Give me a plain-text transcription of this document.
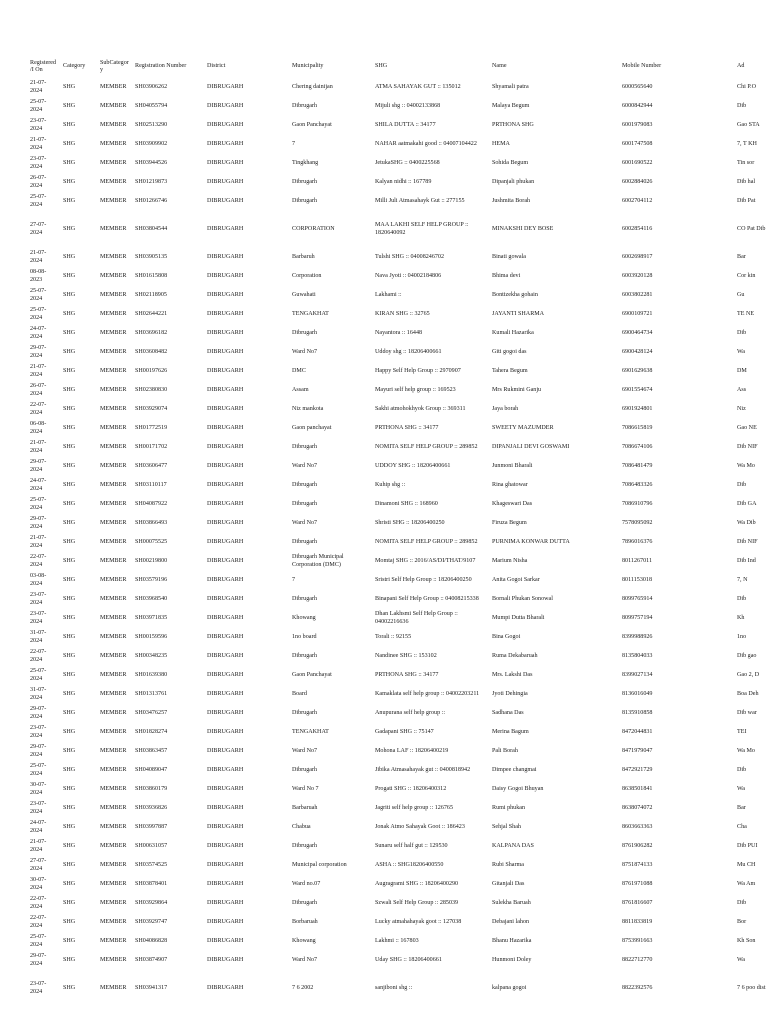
Registered/I On	Category	SubCategory	Registration Number	District	Municipality	SHG	Name	Mobile Number	Ad
21-07-2024	SHG	MEMBER	SH03906262	DIBRUGARH	Chering dainijan	ATMA SAHAYAK GUT :: 135012	Shyamali patra	6000565640	Chi P.O
25-07-2024	SHG	MEMBER	SH04055794	DIBRUGARH	Dibrugarh	Mijuli shg :: 04002133868	Malaya Begum	6000842944	Dib
23-07-2024	SHG	MEMBER	SH02513290	DIBRUGARH	Gaon Panchayat	SHILA DUTTA :: 34177	PRTHONA SHG	6001979083	Gao STA
21-07-2024	SHG	MEMBER	SH03909902	DIBRUGARH	7	NAHAR aatmakahi good :: 04007104422	HEMA	6001747508	7, T KH
23-07-2024	SHG	MEMBER	SH03944526	DIBRUGARH	Tingkhang	JetukaSHG :: 0400225568	Sohida Begum	6001690522	Tin sor
26-07-2024	SHG	MEMBER	SH01219873	DIBRUGARH	Dibrugarh	Kalyan nidhi :: 167789	Dipanjali phukan	6002884026	Dib hal
25-07-2024	SHG	MEMBER	SH01266746	DIBRUGARH	Dibrugarh	Milli Juli Atmasahayk Gut :: 277155	Jushmita Borah	6002704112	Dib Pat
27-07-2024	SHG	MEMBER	SH03804544	DIBRUGARH	CORPORATION	MAA LAKHI SELF HELP GROUP :: 1820640092	MINAKSHI DEY BOSE	6002854116	CO Pat Dib
21-07-2024	SHG	MEMBER	SH03905135	DIBRUGARH	Barbaruh	Tulshi SHG :: 04008246702	Binati gowala	6002698917	Bar
08-08-2023	SHG	MEMBER	SH01615808	DIBRUGARH	Corporation	Nava Jyoti :: 04002184806	Bhima devi	6003920128	Cor kin
25-07-2024	SHG	MEMBER	SH02118905	DIBRUGARH	Guwahati	Lakhami ::	Bontizekha gohain	6003802281	Gu
25-07-2024	SHG	MEMBER	SH02644221	DIBRUGARH	TENGAKHAT	KIRAN SHG :: 32765	JAYANTI SHARMA	6900109721	TE NE
24-07-2024	SHG	MEMBER	SH03696182	DIBRUGARH	Dibrugarh	Nayantora :: 16448	Kumali Hazarika	6900464734	Dib
29-07-2024	SHG	MEMBER	SH03608482	DIBRUGARH	Ward No7	Uddoy shg :: 18206400661	Giti gogoi das	6900428124	Wa
21-07-2024	SHG	MEMBER	SH00197626	DIBRUGARH	DMC	Happy Self Help Group :: 2970907	Tahera Begum	6901629638	DM
26-07-2024	SHG	MEMBER	SH02380830	DIBRUGARH	Assam	Mayuri self help group :: 169523	Mrs Rukmini Ganju	6901554674	Ass
22-07-2024	SHG	MEMBER	SH03929074	DIBRUGARH	Niz mankota	Sakhi atmohokhyok Group :: 369311	Jaya borah	6901924801	Niz
06-08-2024	SHG	MEMBER	SH01772519	DIBRUGARH	Gaon panchayat	PRTHONA SHG :: 34177	SWEETY MAZUMDER	7086615819	Gao NE
21-07-2024	SHG	MEMBER	SH00171702	DIBRUGARH	Dibrugarh	NOMITA SELF HELP GROUP :: 289852	DIPANJALI DEVI GOSWAMI	7086674106	Dib NIF
29-07-2024	SHG	MEMBER	SH03606477	DIBRUGARH	Ward No7	UDDOY SHG :: 18206400661	Junmoni Bharali	7086481479	Wa Mo
24-07-2024	SHG	MEMBER	SH03110117	DIBRUGARH	Dibrugarh	Kuhip shg ::	Rina ghatowar	7086483326	Dib
25-07-2024	SHG	MEMBER	SH04087922	DIBRUGARH	Dibrugarh	Dinamoni SHG :: 168960	Khageswari Das	7086910796	Dib GA
29-07-2024	SHG	MEMBER	SH03866493	DIBRUGARH	Ward No7	Shristi SHG :: 18206400250	Firuza Begum	7578095092	Wa Dib
21-07-2024	SHG	MEMBER	SH00075525	DIBRUGARH	Dibrugarh	NOMITA SELF HELP GROUP :: 289852	PURNIMA KONWAR DUTTA	7896016376	Dib NIF
22-07-2024	SHG	MEMBER	SH00219800	DIBRUGARH	Dibrugarh Municipal Corporation (DMC)	Momtaj SHG :: 2016/AS/DI/THAT/9107	Marium Nisha	8011267011	Dib Ind
03-08-2024	SHG	MEMBER	SH03579196	DIBRUGARH	7	Sristri Self Help Group :: 18206400250	Anita Gogoi Sarkar	8011153018	7, N
23-07-2024	SHG	MEMBER	SH03968540	DIBRUGARH	Dibrugarh	Binapani Self Help Group :: 04008215338	Bornali Phukan Sonowal	8099765914	Dib
23-07-2024	SHG	MEMBER	SH03971835	DIBRUGARH	Khowang	Dhan Lakhsmi Self Help Group :: 04002216636	Mumpi Dutta Bharali	8099757194	Kh
31-07-2024	SHG	MEMBER	SH00159596	DIBRUGARH	1no board	Torali :: 92155	Bina Gogoi	8399988926	1no
22-07-2024	SHG	MEMBER	SH00348235	DIBRUGARH	Dibrugarh	Nandinee SHG :: 153102	Ruma Dekabaruah	8135804033	Dib gao
25-07-2024	SHG	MEMBER	SH01639380	DIBRUGARH	Gaon Panchayat	PRTHONA SHG :: 34177	Mrs. Lakshi Das	8399027134	Gao 2, D
31-07-2024	SHG	MEMBER	SH01313761	DIBRUGARH	Board	Kamaklata self help group :: 04002203211	Jyoti Dehingia	8136016049	Boa Deh
29-07-2024	SHG	MEMBER	SH03476257	DIBRUGARH	Dibrugarh	Anupurana self help group ::	Sadhana Das	8135910858	Dib war
23-07-2024	SHG	MEMBER	SH01828274	DIBRUGARH	TENGAKHAT	Gadapani SHG :: 75147	Merina Bagum	8472044831	TEI
29-07-2024	SHG	MEMBER	SH03863457	DIBRUGARH	Ward No7	Mohona LAF :: 18206400219	Pali Borah	8471979047	Wa Mo
25-07-2024	SHG	MEMBER	SH04089047	DIBRUGARH	Dibrugarh	Jibika Atmasahayak gut :: 0400818942	Dimpee changmai	8472921729	Dib
30-07-2024	SHG	MEMBER	SH03860179	DIBRUGARH	Ward No 7	Progati SHG :: 18206400312	Daisy Gogoi Bhuyan	8638501841	Wa
23-07-2024	SHG	MEMBER	SH03936826	DIBRUGARH	Barbaruah	Jagriti self help group :: 126765	Rumi phukan	8638074072	Bar
24-07-2024	SHG	MEMBER	SH03997887	DIBRUGARH	Chabua	Jonak Atmo Sahayak Goot :: 186423	Sehjal Shah	8603663363	Cha
21-07-2024	SHG	MEMBER	SH00631057	DIBRUGARH	Dibrugarh	Sunaru self half gut :: 129530	KALPANA DAS	8761906282	Dib PUI
27-07-2024	SHG	MEMBER	SH03574525	DIBRUGARH	Municipal corporation	ASHA :: SHG18206400550	Rubi Sharma	8751874133	Mu CH
30-07-2024	SHG	MEMBER	SH03878401	DIBRUGARH	Ward no.07	Augragrami SHG :: 18206400290	Gitanjali Das	8761971088	Wa Am
22-07-2024	SHG	MEMBER	SH03929864	DIBRUGARH	Dibrugarh	Szwali Self Help Group :: 285039	Sulekha Baruah	8761816607	Dib
22-07-2024	SHG	MEMBER	SH03929747	DIBRUGARH	Borbaruah	Lucky atmahahayak goot :: 127038	Debajani lahon	8811833819	Bor
25-07-2024	SHG	MEMBER	SH04086828	DIBRUGARH	Khowang	Lakhmi :: 167803	Bhanu Hazarika	8753991663	Kh Son
29-07-2024	SHG	MEMBER	SH03874907	DIBRUGARH	Ward No7	Uday SHG :: 18206400661	Hunmoni Doley	8822712770	Wa
23-07-2024	SHG	MEMBER	SH03941317	DIBRUGARH	7 6 2002	sanjiboni shg ::	kalpana gogoi	8822392576	7 6 poo dist
